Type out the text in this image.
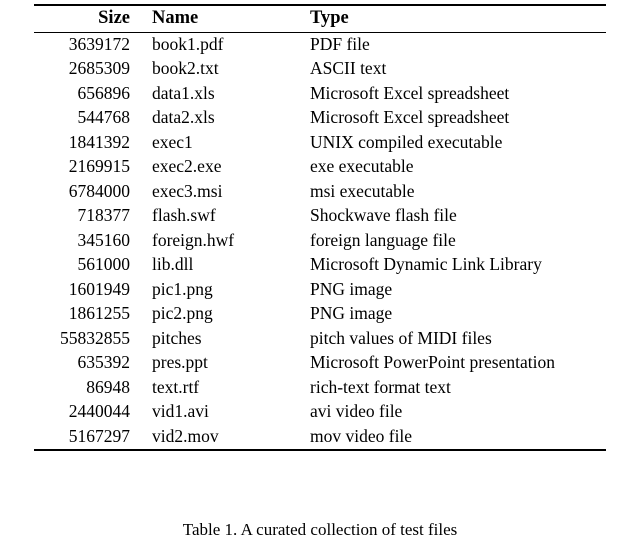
Size	Name	Type
3639172	book1.pdf	PDF file
2685309	book2.txt	ASCII text
656896	data1.xls	Microsoft Excel spreadsheet
544768	data2.xls	Microsoft Excel spreadsheet
1841392	exec1	UNIX compiled executable
2169915	exec2.exe	exe executable
6784000	exec3.msi	msi executable
718377	flash.swf	Shockwave flash file
345160	foreign.hwf	foreign language file
561000	lib.dll	Microsoft Dynamic Link Library
1601949	pic1.png	PNG image
1861255	pic2.png	PNG image
55832855	pitches	pitch values of MIDI files
635392	pres.ppt	Microsoft PowerPoint presentation
86948	text.rtf	rich-text format text
2440044	vid1.avi	avi video file
5167297	vid2.mov	mov video file
Table 1. A curated collection of test files
